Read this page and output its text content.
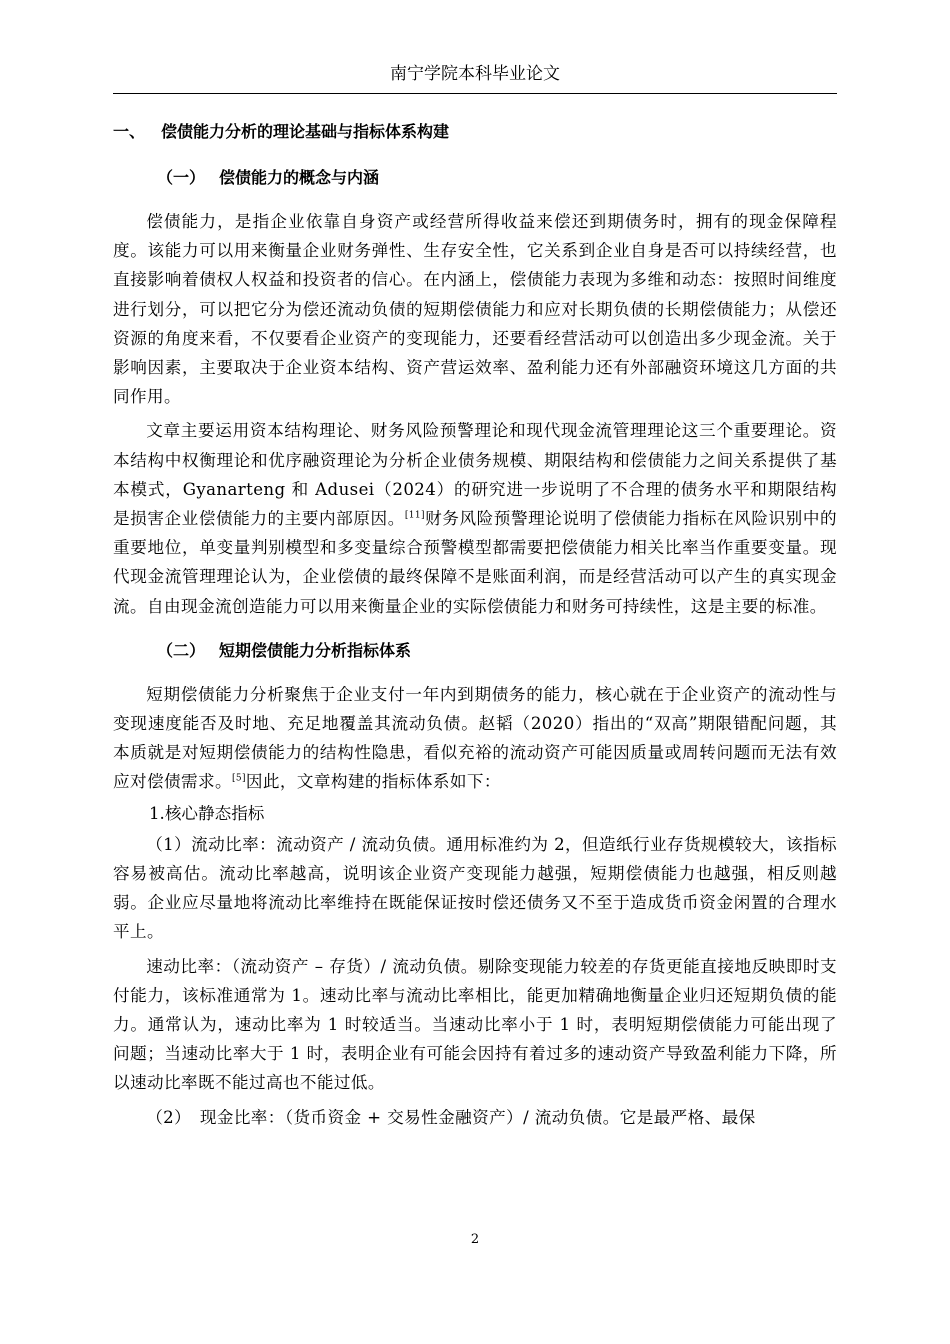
南宁学院本科毕业论文
一、 偿债能力分析的理论基础与指标体系构建
（一） 偿债能力的概念与内涵

偿债能力，是指企业依靠自身资产或经营所得收益来偿还到期债务时，拥有的现金保障程度。该能力可以用来衡量企业财务弹性、生存安全性，它关系到企业自身是否可以持续经营，也直接影响着债权人权益和投资者的信心。在内涵上，偿债能力表现为多维和动态：按照时间维度进行划分，可以把它分为偿还流动负债的短期偿债能力和应对长期负债的长期偿债能力；从偿还资源的角度来看，不仅要看企业资产的变现能力，还要看经营活动可以创造出多少现金流。关于影响因素，主要取决于企业资本结构、资产营运效率、盈利能力还有外部融资环境这几方面的共同作用。

文章主要运用资本结构理论、财务风险预警理论和现代现金流管理理论这三个重要理论。资本结构中权衡理论和优序融资理论为分析企业债务规模、期限结构和偿债能力之间关系提供了基本模式，Gyanarteng 和 Adusei（2024）的研究进一步说明了不合理的债务水平和期限结构是损害企业偿债能力的主要内部原因。[11]财务风险预警理论说明了偿债能力指标在风险识别中的重要地位，单变量判别模型和多变量综合预警模型都需要把偿债能力相关比率当作重要变量。现代现金流管理理论认为，企业偿债的最终保障不是账面利润，而是经营活动可以产生的真实现金流。自由现金流创造能力可以用来衡量企业的实际偿债能力和财务可持续性，这是主要的标准。

（二） 短期偿债能力分析指标体系

短期偿债能力分析聚焦于企业支付一年内到期债务的能力，核心就在于企业资产的流动性与变现速度能否及时地、充足地覆盖其流动负债。赵韬（2020）指出的“双高”期限错配问题，其本质就是对短期偿债能力的结构性隐患，看似充裕的流动资产可能因质量或周转问题而无法有效应对偿债需求。[5]因此，文章构建的指标体系如下：

1.核心静态指标

（1）流动比率：流动资产 / 流动负债。通用标准约为 2，但造纸行业存货规模较大，该指标容易被高估。流动比率越高，说明该企业资产变现能力越强，短期偿债能力也越强，相反则越弱。企业应尽量地将流动比率维持在既能保证按时偿还债务又不至于造成货币资金闲置的合理水平上。

速动比率：（流动资产 – 存货）/ 流动负债。剔除变现能力较差的存货更能直接地反映即时支付能力，该标准通常为 1。速动比率与流动比率相比，能更加精确地衡量企业归还短期负债的能力。通常认为，速动比率为 1 时较适当。当速动比率小于 1 时，表明短期偿债能力可能出现了问题；当速动比率大于 1 时，表明企业有可能会因持有着过多的速动资产导致盈利能力下降，所以速动比率既不能过高也不能过低。

（2）　现金比率：（货币资金 + 交易性金融资产）/ 流动负债。它是最严格、最保

2
